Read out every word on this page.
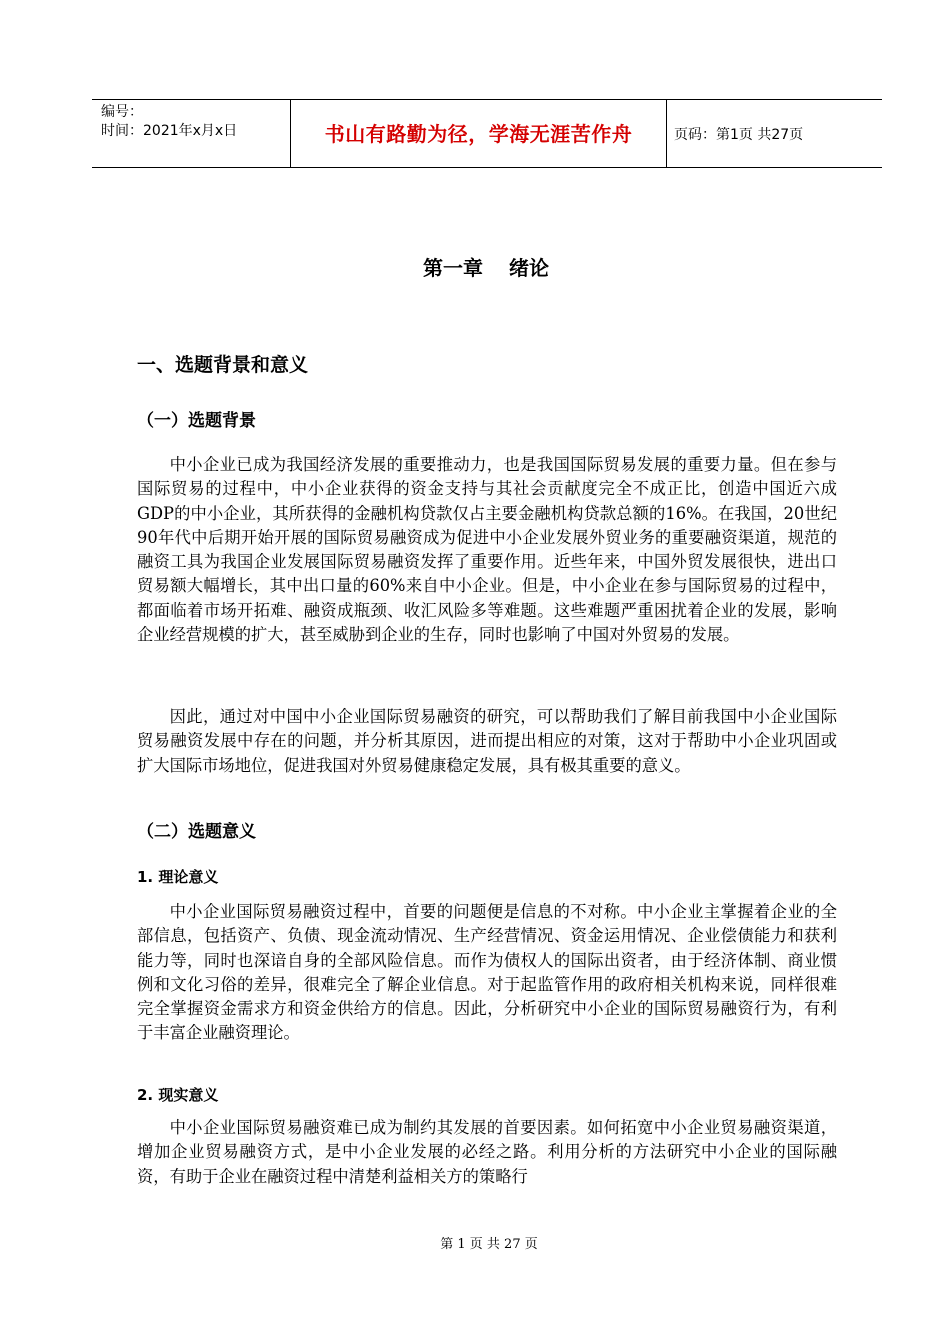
编号：
时间：2021年x月x日	书山有路勤为径，学海无涯苦作舟	页码：第1页 共27页
第一章 绪论
一、选题背景和意义
（一）选题背景

中小企业已成为我国经济发展的重要推动力，也是我国国际贸易发展的重要力量。但在参与国际贸易的过程中，中小企业获得的资金支持与其社会贡献度完全不成正比，创造中国近六成GDP的中小企业，其所获得的金融机构贷款仅占主要金融机构贷款总额的16%。在我国，20世纪90年代中后期开始开展的国际贸易融资成为促进中小企业发展外贸业务的重要融资渠道，规范的融资工具为我国企业发展国际贸易融资发挥了重要作用。近些年来，中国外贸发展很快，进出口贸易额大幅增长，其中出口量的60%来自中小企业。但是，中小企业在参与国际贸易的过程中，都面临着市场开拓难、融资成瓶颈、收汇风险多等难题。这些难题严重困扰着企业的发展，影响企业经营规模的扩大，甚至威胁到企业的生存，同时也影响了中国对外贸易的发展。

因此，通过对中国中小企业国际贸易融资的研究，可以帮助我们了解目前我国中小企业国际贸易融资发展中存在的问题，并分析其原因，进而提出相应的对策，这对于帮助中小企业巩固或扩大国际市场地位，促进我国对外贸易健康稳定发展，具有极其重要的意义。

（二）选题意义
1. 理论意义

中小企业国际贸易融资过程中，首要的问题便是信息的不对称。中小企业主掌握着企业的全部信息，包括资产、负债、现金流动情况、生产经营情况、资金运用情况、企业偿债能力和获利能力等，同时也深谙自身的全部风险信息。而作为债权人的国际出资者，由于经济体制、商业惯例和文化习俗的差异，很难完全了解企业信息。对于起监管作用的政府相关机构来说，同样很难完全掌握资金需求方和资金供给方的信息。因此，分析研究中小企业的国际贸易融资行为，有利于丰富企业融资理论。

2. 现实意义

中小企业国际贸易融资难已成为制约其发展的首要因素。如何拓宽中小企业贸易融资渠道，增加企业贸易融资方式，是中小企业发展的必经之路。利用分析的方法研究中小企业的国际融资，有助于企业在融资过程中清楚利益相关方的策略行

第 1 页 共 27 页
